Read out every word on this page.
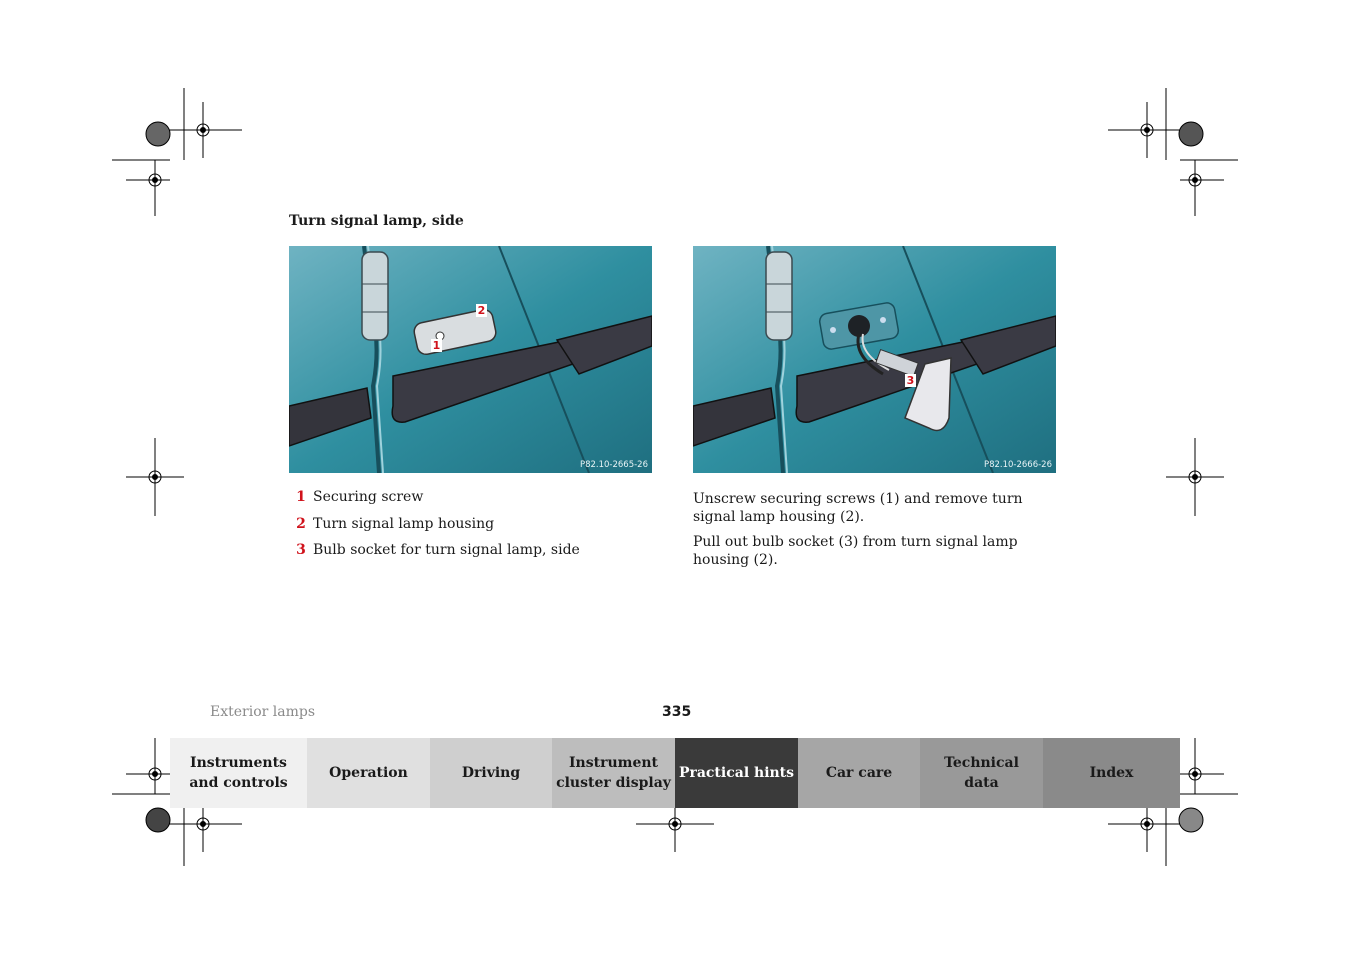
Turn signal lamp, side
2
1
P82.10-2665-26
3
P82.10-2666-26
1 Securing screw
2 Turn signal lamp housing
3 Bulb socket for turn signal lamp, side

Unscrew securing screws (1) and remove turn signal lamp housing (2).

Pull out bulb socket (3) from turn signal lamp housing (2).

Exterior lamps	335
Instruments
and controls
Operation	Driving
Instrument
cluster display
Practical hints Car care
Technical
data
Index
